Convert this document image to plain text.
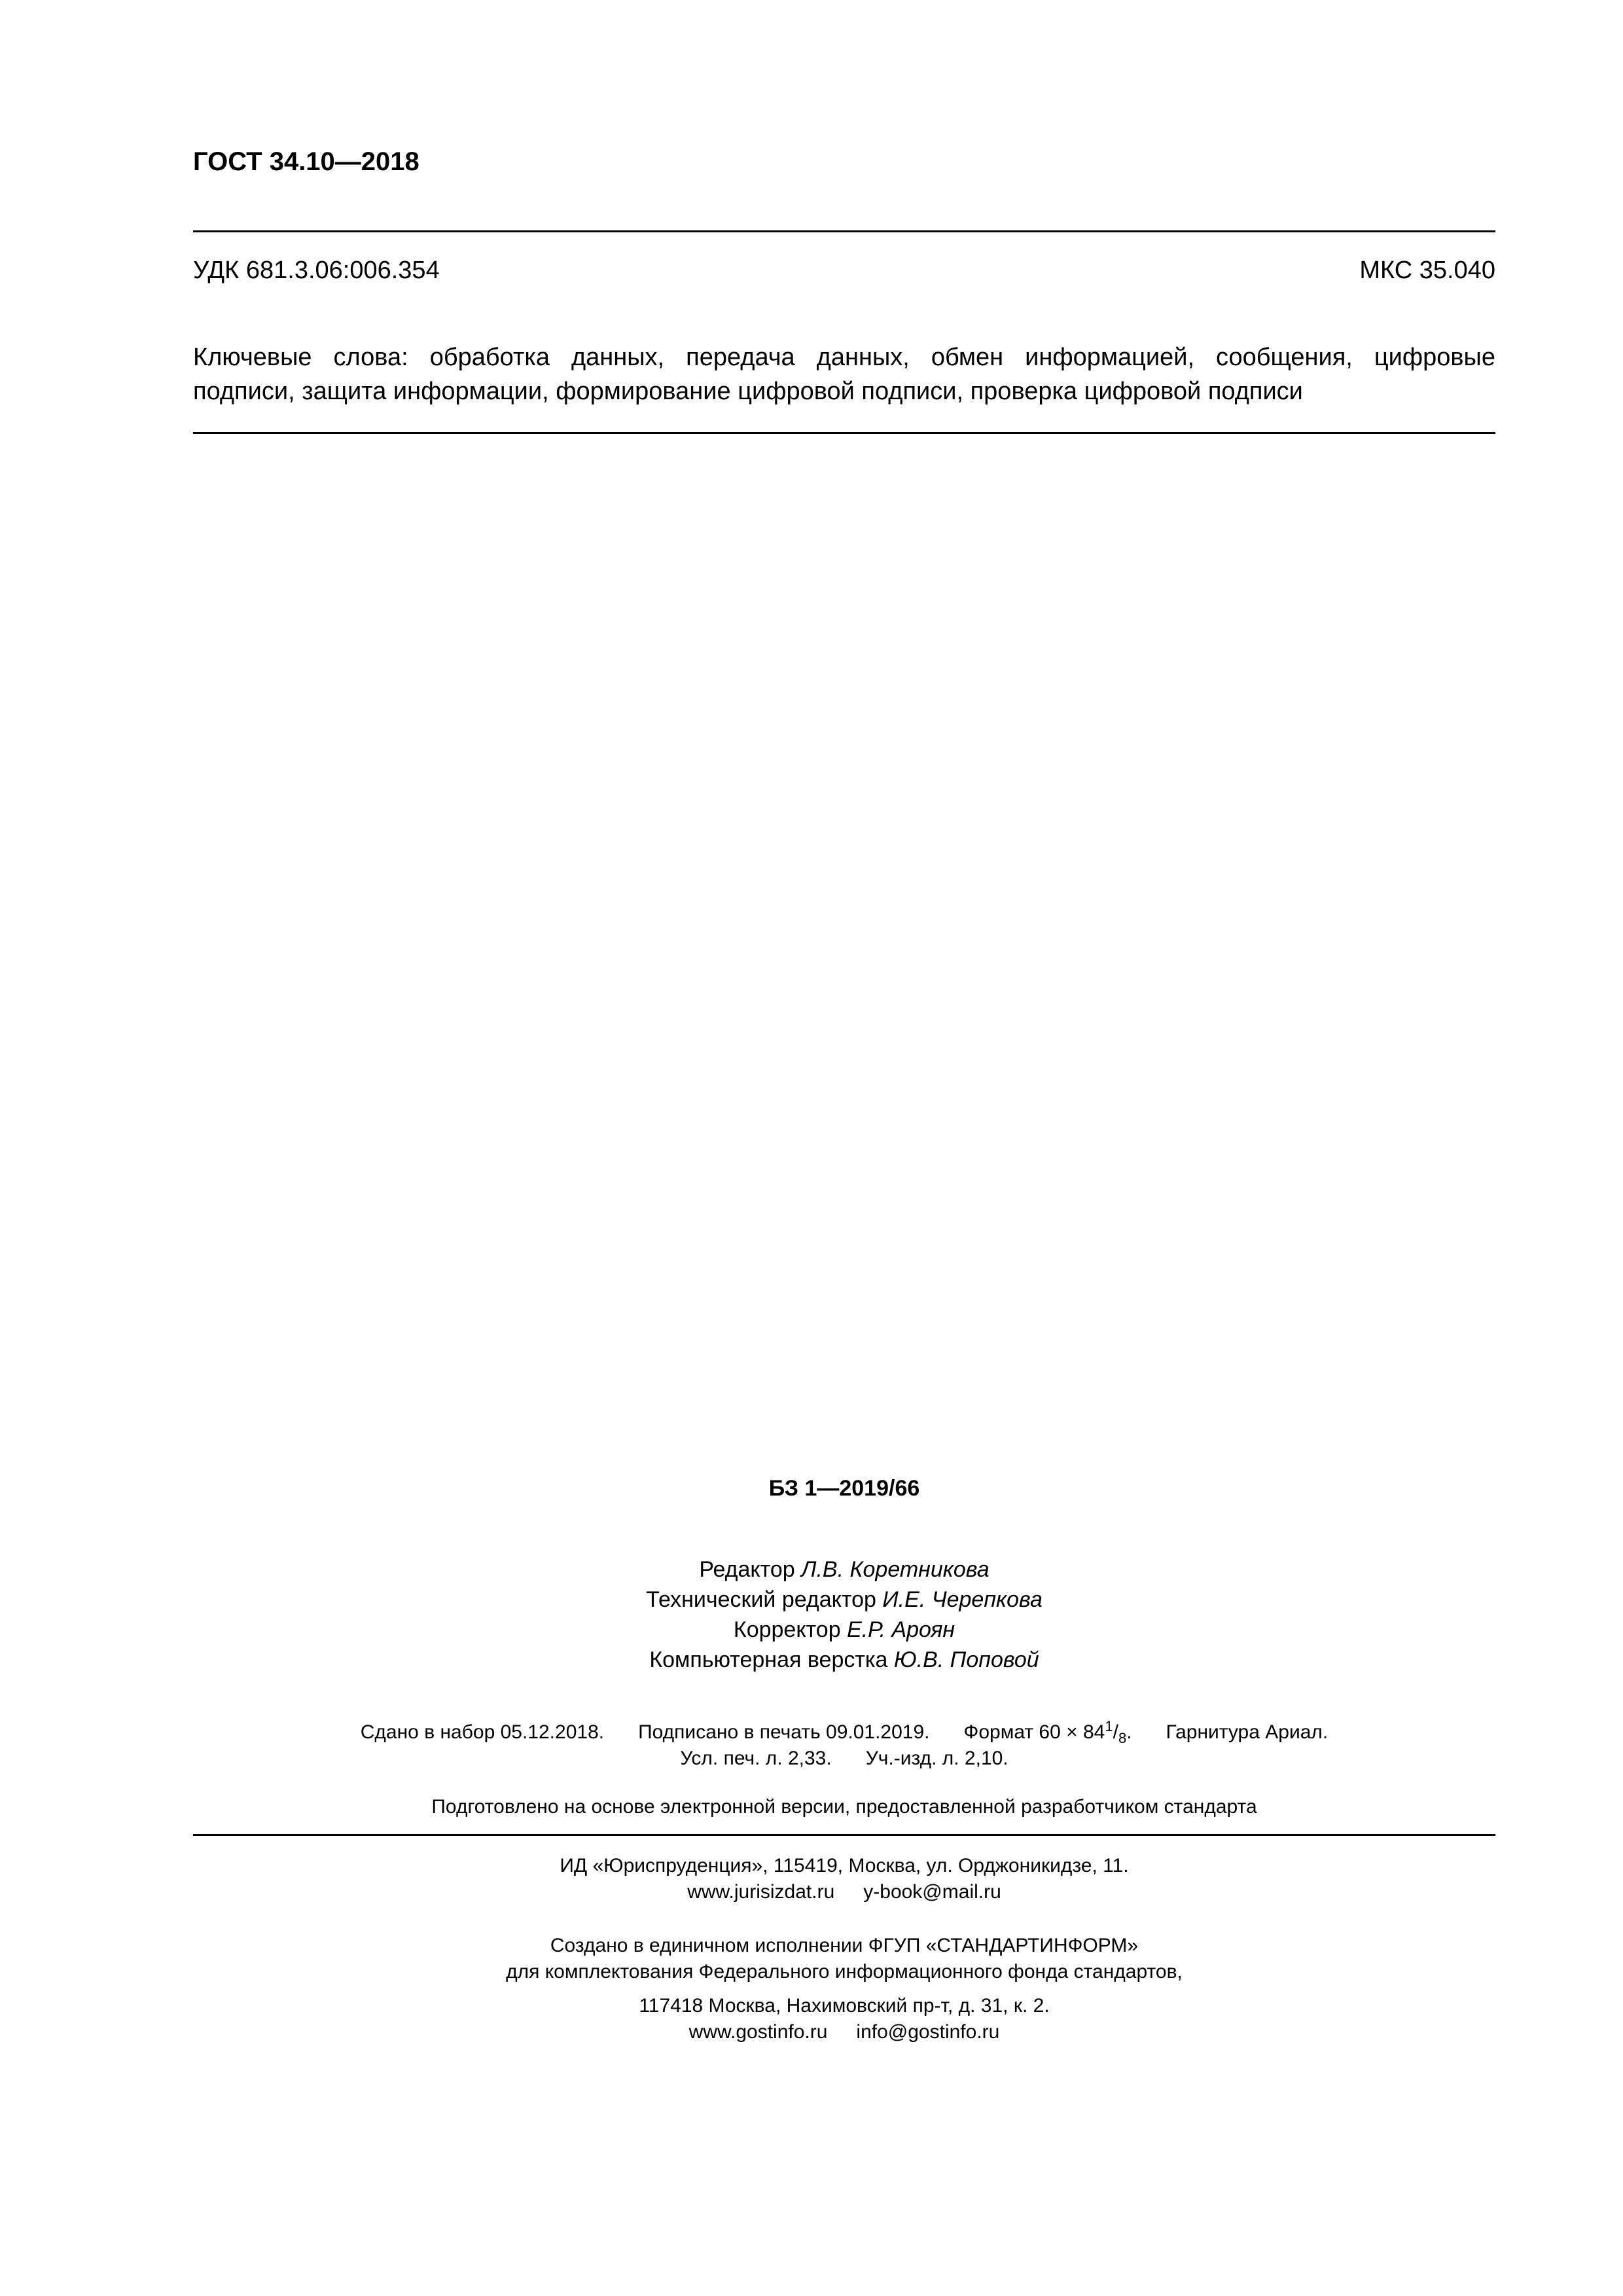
ГОСТ 34.10—2018
УДК 681.3.06:006.354	МКС 35.040
Ключевые слова: обработка данных, передача данных, обмен информацией, сообщения, цифровые
подписи, защита информации, формирование цифровой подписи, проверка цифровой подписи
БЗ 1—2019/66
Редактор Л.В. Коретникова
Технический редактор И.Е. Черепкова
Корректор Е.Р. Ароян
Компьютерная верстка Ю.В. Поповой
Сдано в набор 05.12.2018. Подписано в печать 09.01.2019. Формат $60 \times 84^1/_8$. Гарнитура Ариал.
Усл. печ. л. 2,33. Уч.-изд. л. 2,10.
Подготовлено на основе электронной версии, предоставленной разработчиком стандарта
ИД «Юриспруденция», 115419, Москва, ул. Орджоникидзе, 11.
www.jurisizdat.ru y-book@mail.ru
Создано в единичном исполнении ФГУП «СТАНДАРТИНФОРМ»
для комплектования Федерального информационного фонда стандартов,
117418 Москва, Нахимовский пр-т, д. 31, к. 2.
www.gostinfo.ru info@gostinfo.ru
